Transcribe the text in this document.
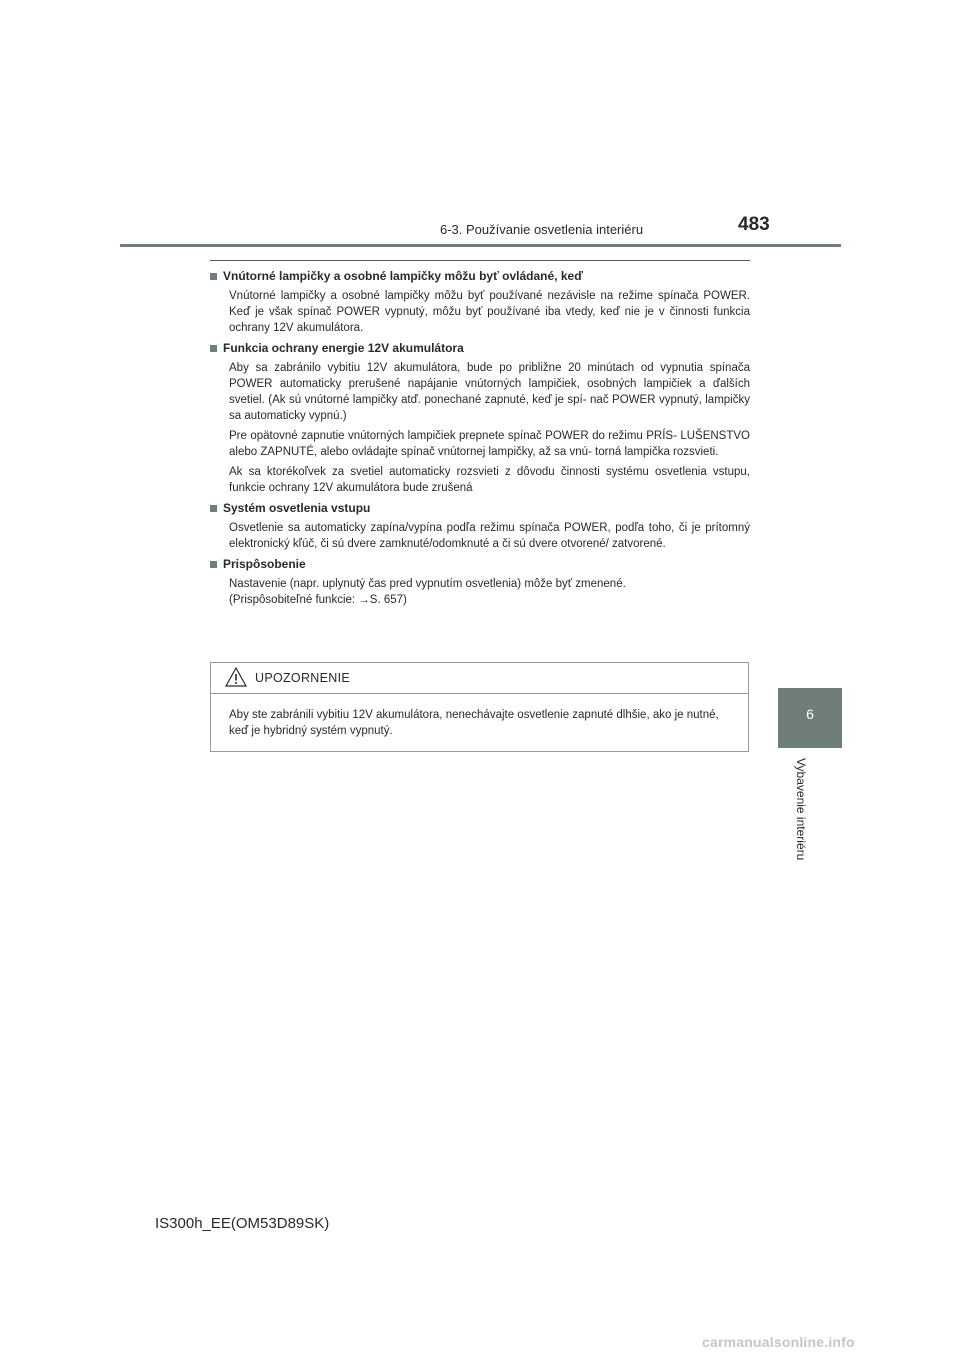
6-3. Používanie osvetlenia interiéru	483
6
Vybavenie interiéru
Vnútorné lampičky a osobné lampičky môžu byť ovládané, keď

Vnútorné lampičky a osobné lampičky môžu byť používané nezávisle na režime spínača POWER. Keď je však spínač POWER vypnutý, môžu byť používané iba vtedy, keď nie je v činnosti funkcia ochrany 12V akumulátora.

Funkcia ochrany energie 12V akumulátora

Aby sa zabránilo vybitiu 12V akumulátora, bude po približne 20 minútach od vypnutia spínača POWER automaticky prerušené napájanie vnútorných lampičiek, osobných lampičiek a ďalších svetiel. (Ak sú vnútorné lampičky atď. ponechané zapnuté, keď je spí- nač POWER vypnutý, lampičky sa automaticky vypnú.)

Pre opätovné zapnutie vnútorných lampičiek prepnete spínač POWER do režimu PRÍS- LUŠENSTVO alebo ZAPNUTÉ, alebo ovládajte spínač vnútornej lampičky, až sa vnú- torná lampička rozsvieti.

Ak sa ktorékoľvek za svetiel automaticky rozsvieti z dôvodu činnosti systému osvetlenia vstupu, funkcie ochrany 12V akumulátora bude zrušená

Systém osvetlenia vstupu

Osvetlenie sa automaticky zapína/vypína podľa režimu spínača POWER, podľa toho, či je prítomný elektronický kľúč, či sú dvere zamknuté/odomknuté a či sú dvere otvorené/ zatvorené.

Prispôsobenie

Nastavenie (napr. uplynutý čas pred vypnutím osvetlenia) môže byť zmenené.

(Prispôsobiteľné funkcie: →S. 657)

UPOZORNENIE
Aby ste zabránili vybitiu 12V akumulátora, nenechávajte osvetlenie zapnuté dlhšie, ako je nutné, keď je hybridný systém vypnutý.
IS300h_EE(OM53D89SK)
carmanualsonline.info
